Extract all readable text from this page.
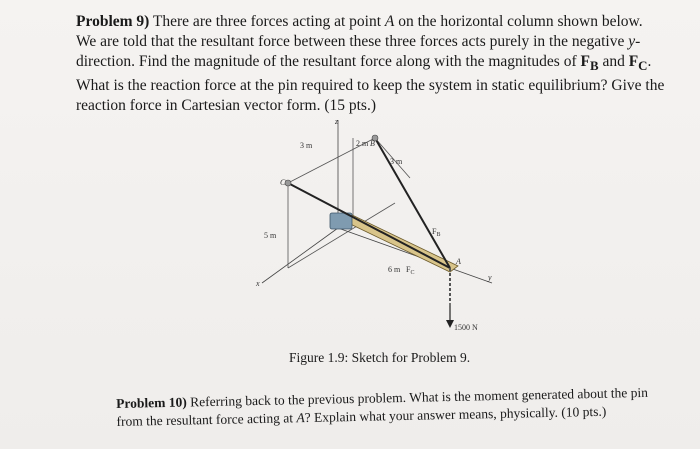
Problem 9) There are three forces acting at point A on the horizontal column shown below. We are told that the resultant force between these three forces acts purely in the negative y-direction. Find the magnitude of the resultant force along with the magnitudes of $F_B$ and $F_C$. What is the reaction force at the pin required to keep the system in static equilibrium? Give the reaction force in Cartesian vector form. (15 pts.)
3 m	2 m B
3 m
C
5 m
6 m $F_C$
$F_B$
A
z
x
y
1500 N
Figure 1.9: Sketch for Problem 9.
Problem 10) Referring back to the previous problem. What is the moment generated about the pin from the resultant force acting at A? Explain what your answer means, physically. (10 pts.)
